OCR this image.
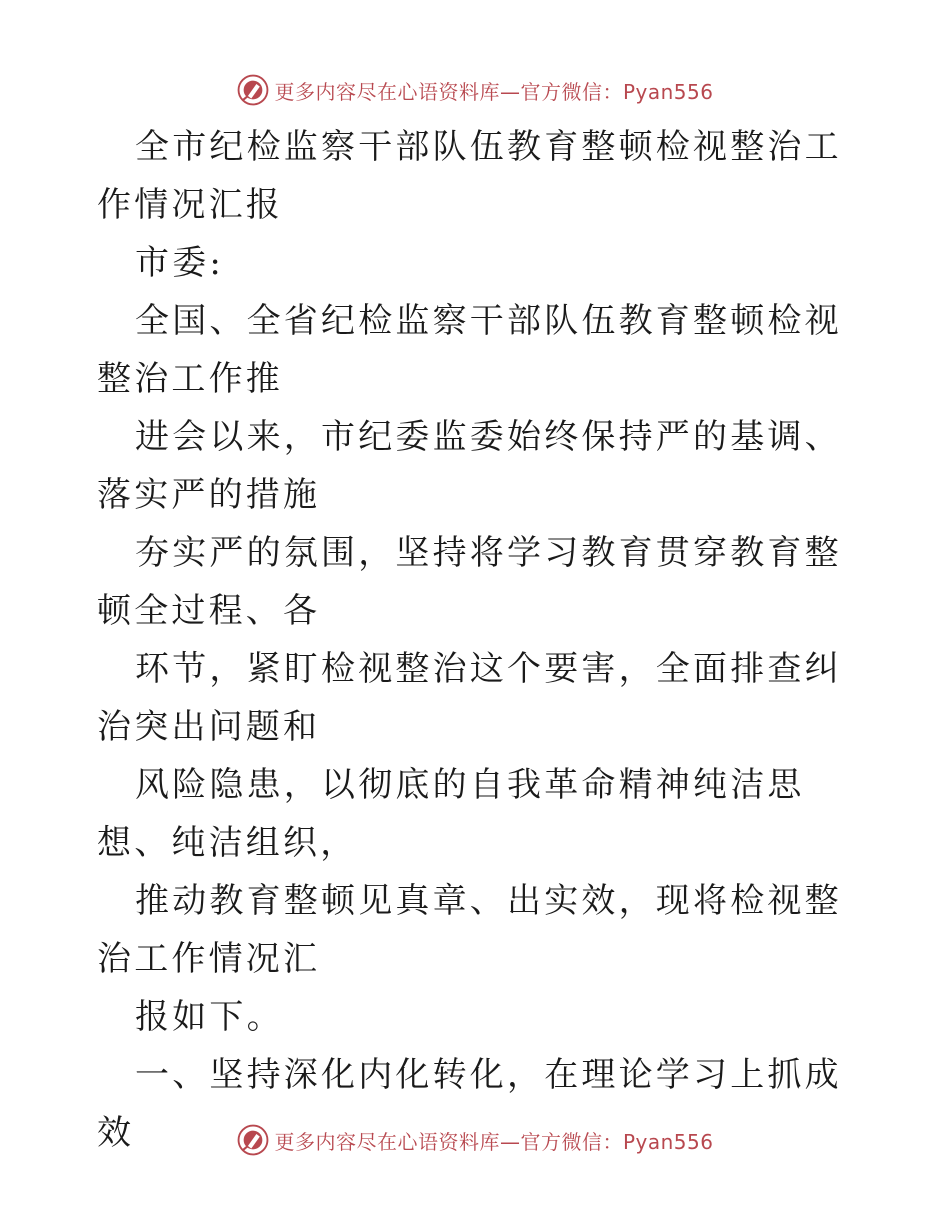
更多内容尽在心语资料库—官方微信：Pyan556

全市纪检监察干部队伍教育整顿检视整治工作情况汇报

市委:

全国、全省纪检监察干部队伍教育整顿检视整治工作推

进会以来，市纪委监委始终保持严的基调、落实严的措施

夯实严的氛围，坚持将学习教育贯穿教育整顿全过程、各

环节，紧盯检视整治这个要害，全面排查纠治突出问题和

风险隐患，以彻底的自我革命精神纯洁思想、纯洁组织，

推动教育整顿见真章、出实效，现将检视整治工作情况汇

报如下。

一、坚持深化内化转化，在理论学习上抓成效	更多内容尽在心语资料库—官方微信：Pyan556
